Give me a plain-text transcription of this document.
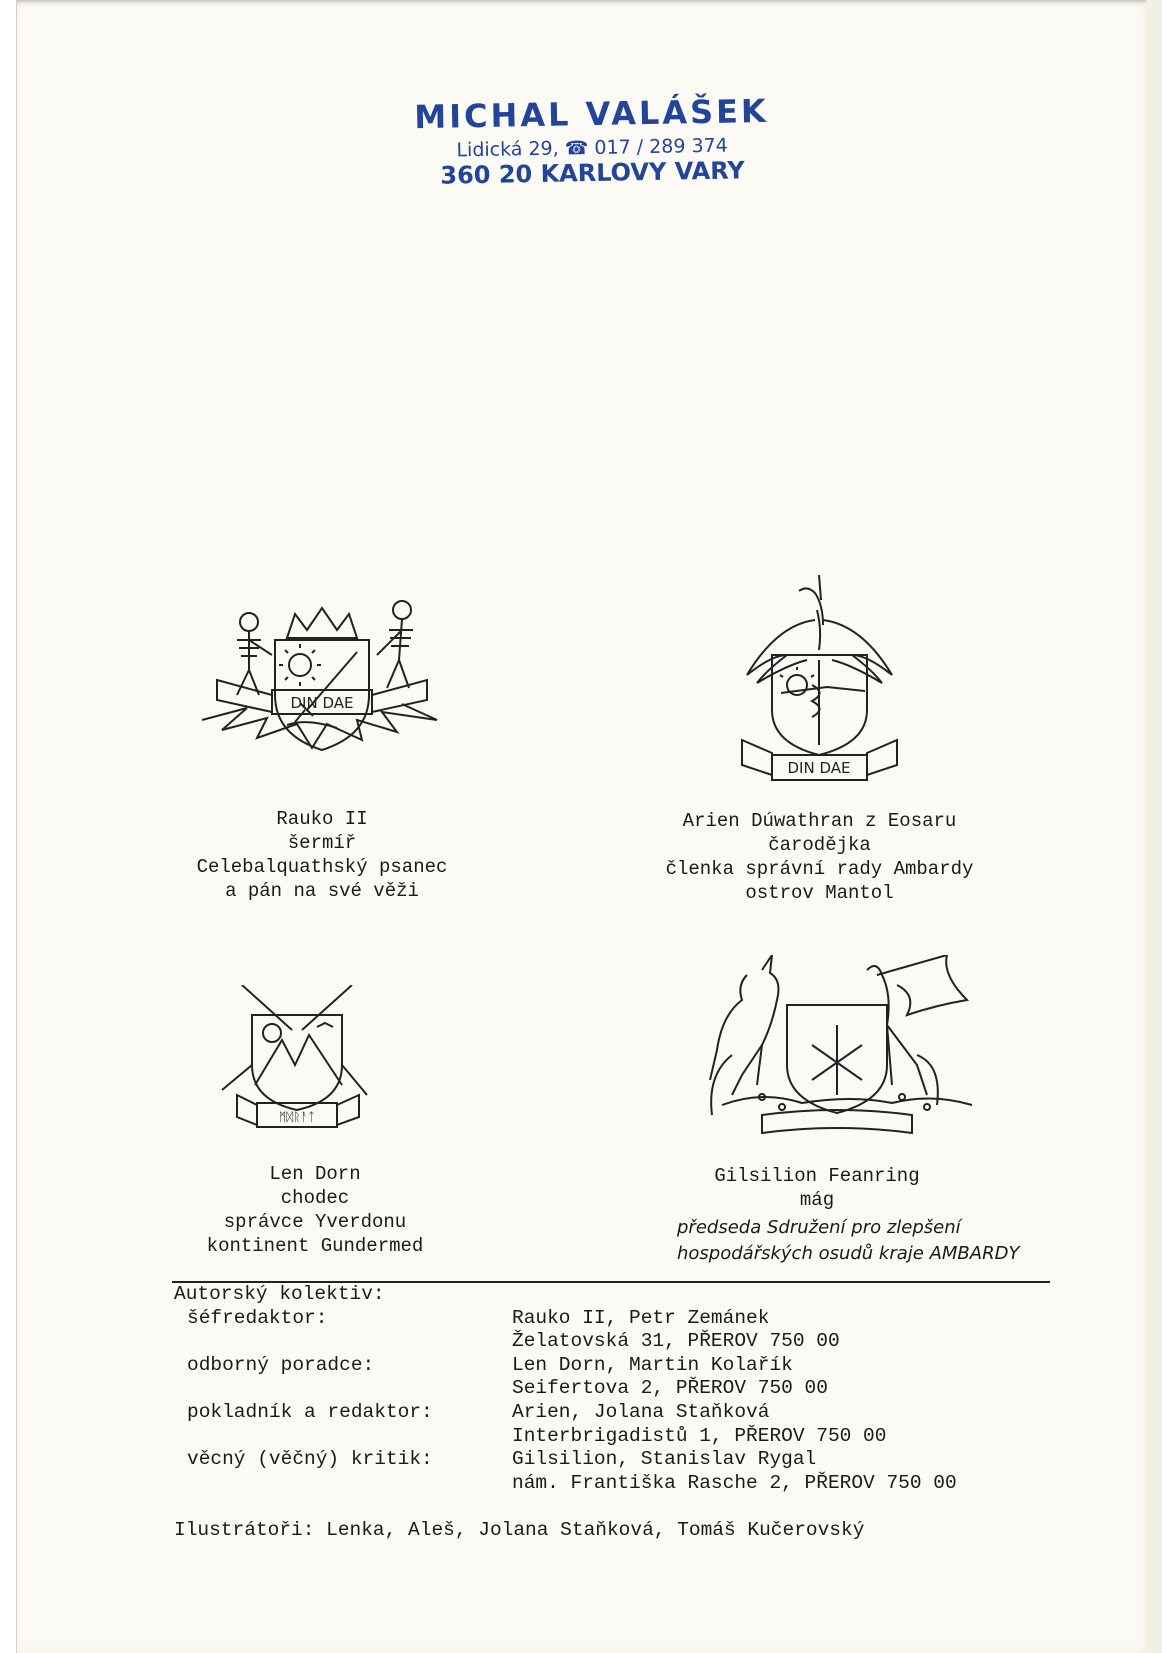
MICHAL VALÁŠEK
Lidická 29, ☎ 017 / 289 374
360 20 KARLOVY VARY
DIN DAE
Rauko II
šermíř
Celebalquathský psanec
a pán na své věži
DIN DAE
Arien Dúwathran z Eosaru
čarodějka
členka správní rady Ambardy
ostrov Mantol
ᛗᛞᚱᚨᛏ
Len Dorn
chodec
správce Yverdonu
kontinent Gundermed
Gilsilion Feanring
mág
předseda Sdružení pro zlepšení
hospodářských osudů kraje AMBARDY
Autorský kolektiv:
šéfredaktor:	Rauko II, Petr Zemánek
Želatovská 31, PŘEROV 750 00
odborný poradce:	Len Dorn, Martin Kolařík
Seifertova 2, PŘEROV 750 00
pokladník a redaktor:	Arien, Jolana Staňková
Interbrigadistů 1, PŘEROV 750 00
věcný (věčný) kritik:	Gilsilion, Stanislav Rygal
nám. Františka Rasche 2, PŘEROV 750 00
Ilustrátoři: Lenka, Aleš, Jolana Staňková, Tomáš Kučerovský
